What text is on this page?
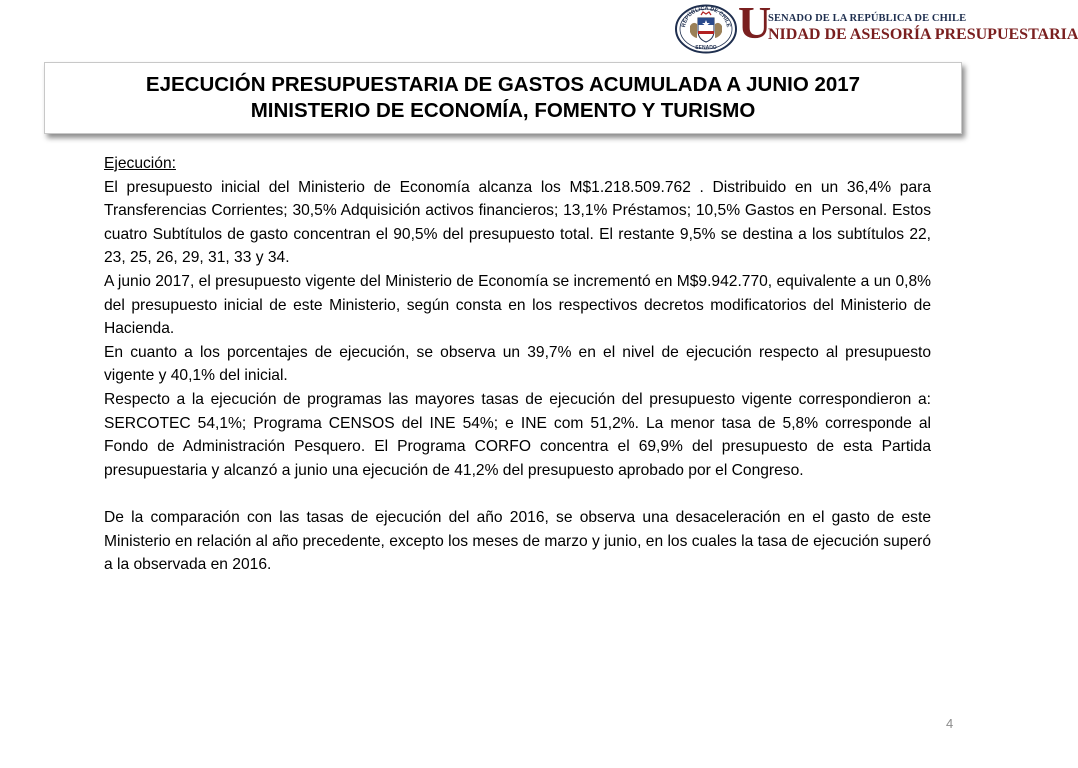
REPÚBLICA DE CHILE
SENADO U
SENADO DE LA REPÚBLICA DE CHILE
NIDAD DE ASESORÍA PRESUPUESTARIA
EJECUCIÓN PRESUPUESTARIA DE GASTOS ACUMULADA A JUNIO 2017
MINISTERIO DE ECONOMÍA, FOMENTO Y TURISMO

Ejecución:

El presupuesto inicial del Ministerio de Economía alcanza los M$1.218.509.762 . Distribuido en un 36,4% para Transferencias Corrientes; 30,5% Adquisición activos financieros; 13,1% Préstamos; 10,5% Gastos en Personal. Estos cuatro Subtítulos de gasto concentran el 90,5% del presupuesto total. El restante 9,5% se destina a los subtítulos 22, 23, 25, 26, 29, 31, 33 y 34.

A junio 2017, el presupuesto vigente del Ministerio de Economía se incrementó en M$9.942.770, equivalente a un 0,8% del presupuesto inicial de este Ministerio, según consta en los respectivos decretos modificatorios del Ministerio de Hacienda.

En cuanto a los porcentajes de ejecución, se observa un 39,7% en el nivel de ejecución respecto al presupuesto vigente y 40,1% del inicial.

Respecto a la ejecución de programas las mayores tasas de ejecución del presupuesto vigente correspondieron a: SERCOTEC 54,1%; Programa CENSOS del INE 54%; e INE com 51,2%. La menor tasa de 5,8% corresponde al Fondo de Administración Pesquero. El Programa CORFO concentra el 69,9% del presupuesto de esta Partida presupuestaria y alcanzó a junio una ejecución de 41,2% del presupuesto aprobado por el Congreso.

De la comparación con las tasas de ejecución del año 2016, se observa una desaceleración en el gasto de este Ministerio en relación al año precedente, excepto los meses de marzo y junio, en los cuales la tasa de ejecución superó a la observada en 2016.

4
